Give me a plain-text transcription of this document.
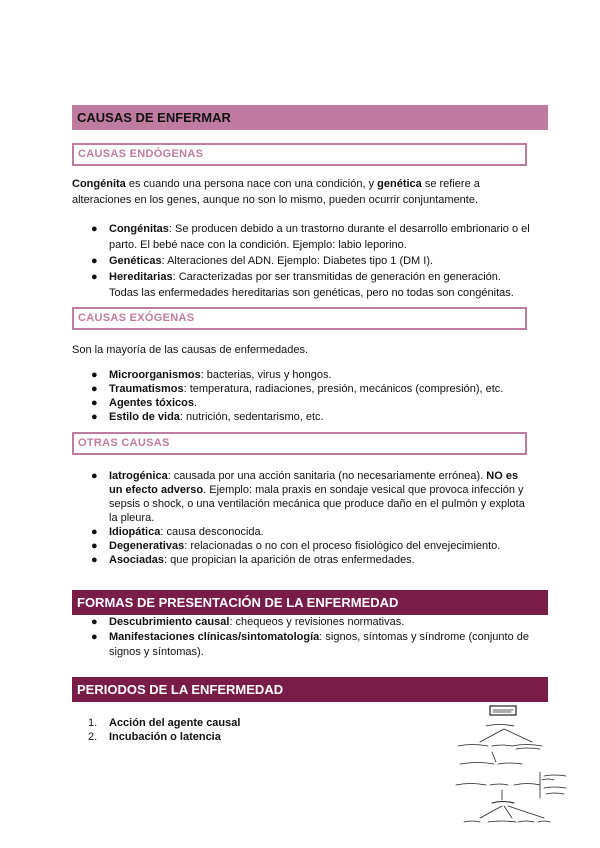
CAUSAS DE ENFERMAR
CAUSAS ENDÓGENAS
Congénita es cuando una persona nace con una condición, y genética se refiere a alteraciones en los genes, aunque no son lo mismo, pueden ocurrir conjuntamente.
● Congénitas: Se producen debido a un trastorno durante el desarrollo embrionario o el parto. El bebé nace con la condición. Ejemplo: labio leporino.
● Genéticas: Alteraciones del ADN. Ejemplo: Diabetes tipo 1 (DM I).
● Hereditarias: Caracterizadas por ser transmitidas de generación en generación. Todas las enfermedades hereditarias son genéticas, pero no todas son congénitas.
CAUSAS EXÓGENAS
Son la mayoría de las causas de enfermedades.
● Microorganismos: bacterias, virus y hongos.
● Traumatismos: temperatura, radiaciones, presión, mecánicos (compresión), etc.
● Agentes tóxicos.
● Estilo de vida: nutrición, sedentarismo, etc.
OTRAS CAUSAS
● Iatrogénica: causada por una acción sanitaria (no necesariamente errónea). NO es un efecto adverso. Ejemplo: mala praxis en sondaje vesical que provoca infección y sepsis o shock, o una ventilación mecánica que produce daño en el pulmón y explota la pleura.
● Idiopática: causa desconocida.
● Degenerativas: relacionadas o no con el proceso fisiológico del envejecimiento.
● Asociadas: que propician la aparición de otras enfermedades.
FORMAS DE PRESENTACIÓN DE LA ENFERMEDAD
● Descubrimiento causal: chequeos y revisiones normativas.
● Manifestaciones clínicas/sintomatología: signos, síntomas y síndrome (conjunto de signos y síntomas).
PERIODOS DE LA ENFERMEDAD
1. Acción del agente causal
2. Incubación o latencia
